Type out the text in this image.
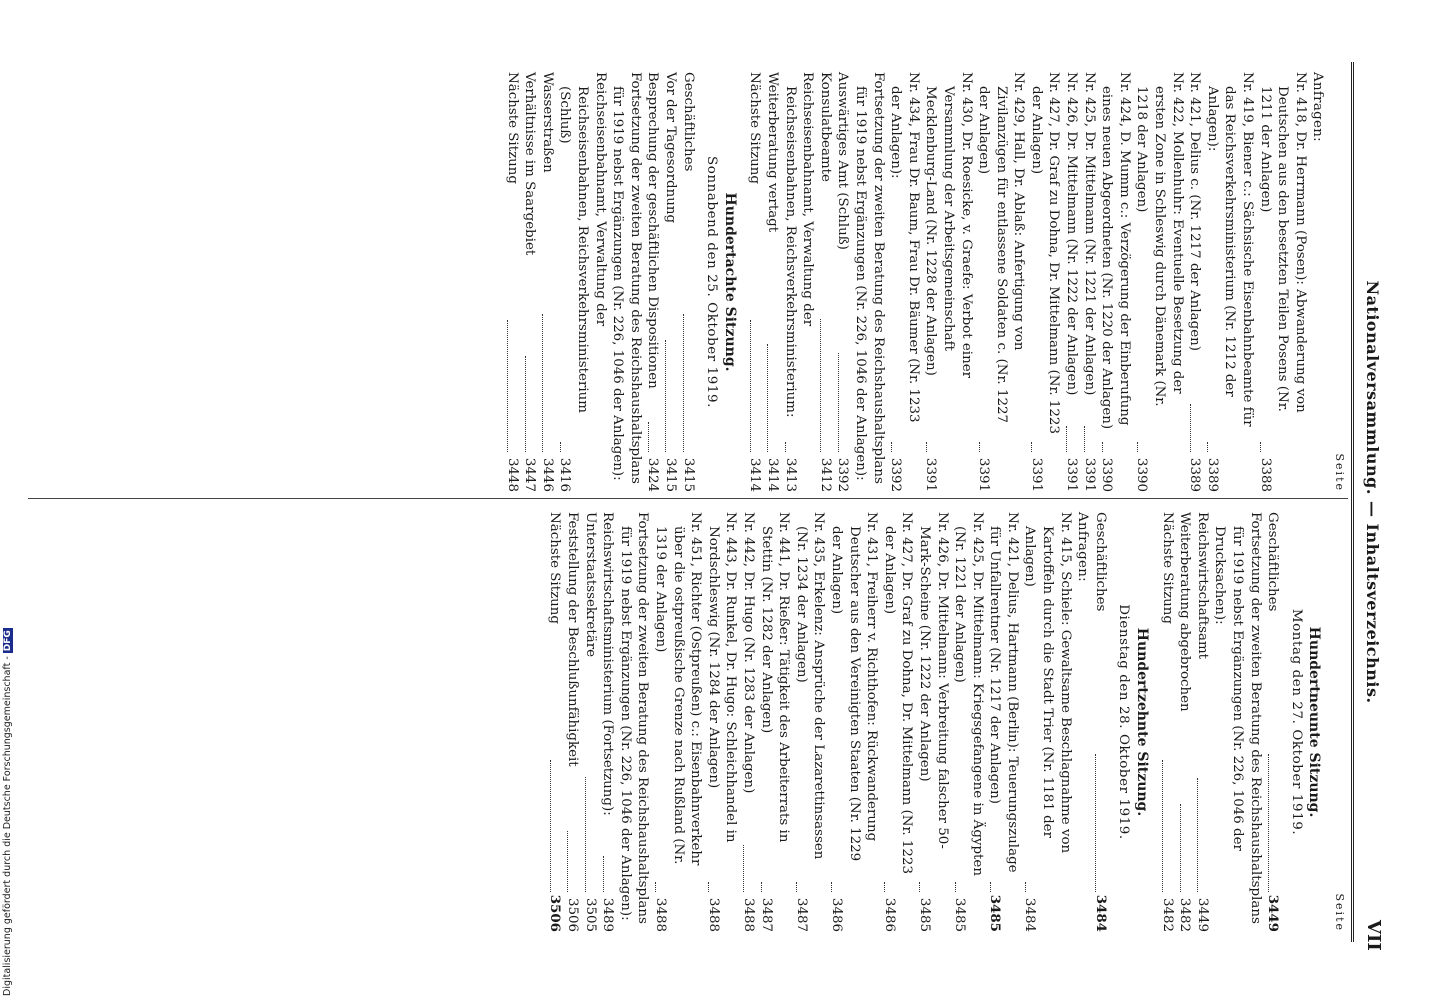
Nationalversammlung. — Inhaltsverzeichnis.
VII
Seite
Anfragen:
Nr. 418, Dr. Herrmann (Posen): Abwanderung von Deutschen aus den besetzten Teilen Posens (Nr. 1211 der Anlagen)
3388
Nr. 419, Biener c.: Sächsische Eisenbahnbeamte für das Reichsverkehrsministerium (Nr. 1212 der Anlagen):
3389
Nr. 421, Delius c. (Nr. 1217 der Anlagen)
3389
Nr. 422, Mollenhuhr: Eventuelle Besetzung der ersten Zone in Schleswig durch Dänemark (Nr. 1218 der Anlagen)
3390
Nr. 424, D. Mumm c.: Verzögerung der Einberufung eines neuen Abgeordneten (Nr. 1220 der Anlagen)
3390
Nr. 425, Dr. Mittelmann (Nr. 1221 der Anlagen)
3391
Nr. 426, Dr. Mittelmann (Nr. 1222 der Anlagen)
3391
Nr. 427, Dr. Graf zu Dohna, Dr. Mittelmann (Nr. 1223 der Anlagen)
3391
Nr. 429, Hall, Dr. Ablaß: Anfertigung von Zivilanzügen für entlassene Soldaten c. (Nr. 1227 der Anlagen)
3391
Nr. 430, Dr. Roesicke, v. Graefe: Verbot einer Versammlung der Arbeitsgemeinschaft Mecklenburg-Land (Nr. 1228 der Anlagen)
3391
Nr. 434, Frau Dr. Baum, Frau Dr. Bäumer (Nr. 1233 der Anlagen):
3392
Fortsetzung der zweiten Beratung des Reichshaushaltsplans für 1919 nebst Ergänzungen (Nr. 226, 1046 der Anlagen):
Auswärtiges Amt (Schluß)
3392
Konsulatbeamte
3412
Reichseisenbahnamt, Verwaltung der Reichseisenbahnen, Reichsverkehrsministerium:
3413
Weiterberatung vertagt
3414
Nächste Sitzung
3414
Hundertachte Sitzung.
Sonnabend den 25. Oktober 1919.
Geschäftliches
3415
Vor der Tagesordnung
3415
Besprechung der geschäftlichen Dispositionen
3424
Fortsetzung der zweiten Beratung des Reichshaushaltsplans für 1919 nebst Ergänzungen (Nr. 226, 1046 der Anlagen):
Reichseisenbahnamt, Verwaltung der Reichseisenbahnen, Reichsverkehrsministerium (Schluß)
3416
Wasserstraßen
3446
Verhältnisse im Saargebiet
3447
Nächste Sitzung
3448
Seite
Hundertneunte Sitzung.
Montag den 27. Oktober 1919.
Geschäftliches
3449
Fortsetzung der zweiten Beratung des Reichshaushaltsplans für 1919 nebst Ergänzungen (Nr. 226, 1046 der Drucksachen):
Reichswirtschaftsamt
3449
Weiterberatung abgebrochen
3482
Nächste Sitzung
3482
Hundertzehnte Sitzung.
Dienstag den 28. Oktober 1919.
Geschäftliches
3484
Anfragen:
Nr. 415, Schiele: Gewaltsame Beschlagnahme von Kartoffeln durch die Stadt Trier (Nr. 1181 der Anlagen)
3484
Nr. 421, Delius, Hartmann (Berlin): Teuerungszulage für Unfallrentner (Nr. 1217 der Anlagen)
3485
Nr. 425, Dr. Mittelmann: Kriegsgefangene in Ägypten (Nr. 1221 der Anlagen)
3485
Nr. 426, Dr. Mittelmann: Verbreitung falscher 50-Mark-Scheine (Nr. 1222 der Anlagen)
3485
Nr. 427, Dr. Graf zu Dohna, Dr. Mittelmann (Nr. 1223 der Anlagen)
3486
Nr. 431, Freiherr v. Richthofen: Rückwanderung Deutscher aus den Vereinigten Staaten (Nr. 1229 der Anlagen)
3486
Nr. 435, Erkelenz: Ansprüche der Lazarettinsassen (Nr. 1234 der Anlagen)
3487
Nr. 441, Dr. Rießer: Tätigkeit des Arbeiterrats in Stettin (Nr. 1282 der Anlagen)
3487
Nr. 442, Dr. Hugo (Nr. 1283 der Anlagen)
3488
Nr. 443, Dr. Runkel, Dr. Hugo: Schleichhandel in Nordschleswig (Nr. 1284 der Anlagen)
3488
Nr. 451, Richter (Ostpreußen) c.: Eisenbahnverkehr über die ostpreußische Grenze nach Rußland (Nr. 1319 der Anlagen)
3488
Fortsetzung der zweiten Beratung des Reichshaushaltsplans für 1919 nebst Ergänzungen (Nr. 226, 1046 der Anlagen):
Reichswirtschaftsministerium (Fortsetzung):
3489
Unterstaatssekretäre
3505
Feststellung der Beschlußunfähigkeit
3506
Nächste Sitzung
3506
Digitalisierung gefördert durch die Deutsche Forschungsgemeinschaft -DFG
